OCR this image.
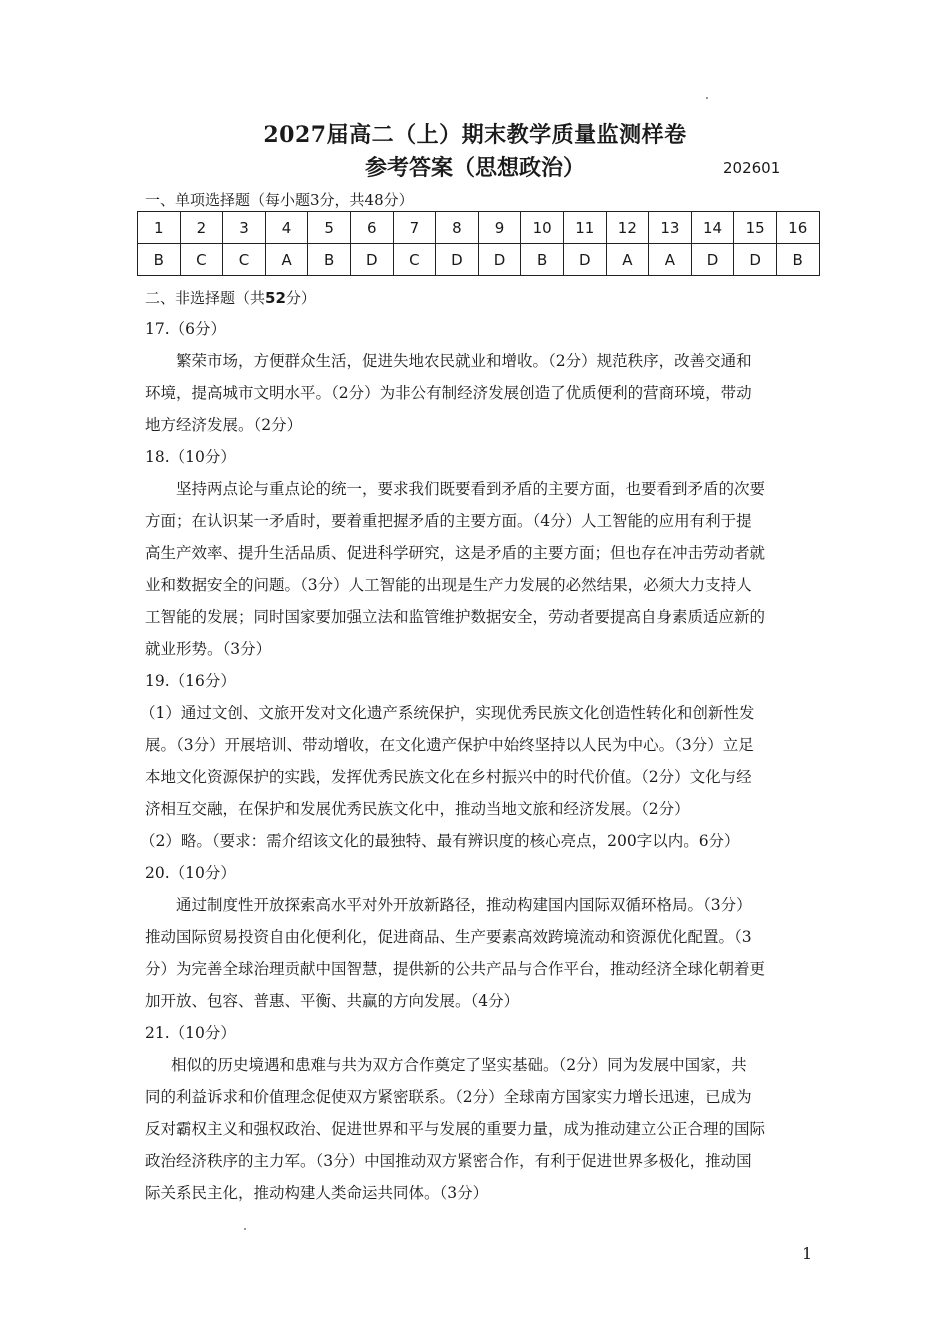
2027届高二（上）期末教学质量监测样卷
参考答案（思想政治）	202601
一、单项选择题（每小题3分，共48分）
1	2	3	4	5	6	7	8	9	10	11	12	13	14	15	16
B	C	C	A	B	D	C	D	D	B	D	A	A	D	D	B
二、非选择题（共52分）

17.（6分）

繁荣市场，方便群众生活，促进失地农民就业和增收。（2分）规范秩序，改善交通和

环境，提高城市文明水平。（2分）为非公有制经济发展创造了优质便利的营商环境，带动

地方经济发展。（2分）

18.（10分）

坚持两点论与重点论的统一，要求我们既要看到矛盾的主要方面，也要看到矛盾的次要

方面；在认识某一矛盾时，要着重把握矛盾的主要方面。（4分）人工智能的应用有利于提

高生产效率、提升生活品质、促进科学研究，这是矛盾的主要方面；但也存在冲击劳动者就

业和数据安全的问题。（3分）人工智能的出现是生产力发展的必然结果，必须大力支持人

工智能的发展；同时国家要加强立法和监管维护数据安全，劳动者要提高自身素质适应新的

就业形势。（3分）

19.（16分）

（1）通过文创、文旅开发对文化遗产系统保护，实现优秀民族文化创造性转化和创新性发

展。（3分）开展培训、带动增收，在文化遗产保护中始终坚持以人民为中心。（3分）立足

本地文化资源保护的实践，发挥优秀民族文化在乡村振兴中的时代价值。（2分）文化与经

济相互交融，在保护和发展优秀民族文化中，推动当地文旅和经济发展。（2分）

（2）略。（要求：需介绍该文化的最独特、最有辨识度的核心亮点，200字以内。6分）

20.（10分）

通过制度性开放探索高水平对外开放新路径，推动构建国内国际双循环格局。（3分）

推动国际贸易投资自由化便利化，促进商品、生产要素高效跨境流动和资源优化配置。（3

分）为完善全球治理贡献中国智慧，提供新的公共产品与合作平台，推动经济全球化朝着更

加开放、包容、普惠、平衡、共赢的方向发展。（4分）

21.（10分）

相似的历史境遇和患难与共为双方合作奠定了坚实基础。（2分）同为发展中国家，共

同的利益诉求和价值理念促使双方紧密联系。（2分）全球南方国家实力增长迅速，已成为

反对霸权主义和强权政治、促进世界和平与发展的重要力量，成为推动建立公正合理的国际

政治经济秩序的主力军。（3分）中国推动双方紧密合作，有利于促进世界多极化，推动国

际关系民主化，推动构建人类命运共同体。（3分）

1
